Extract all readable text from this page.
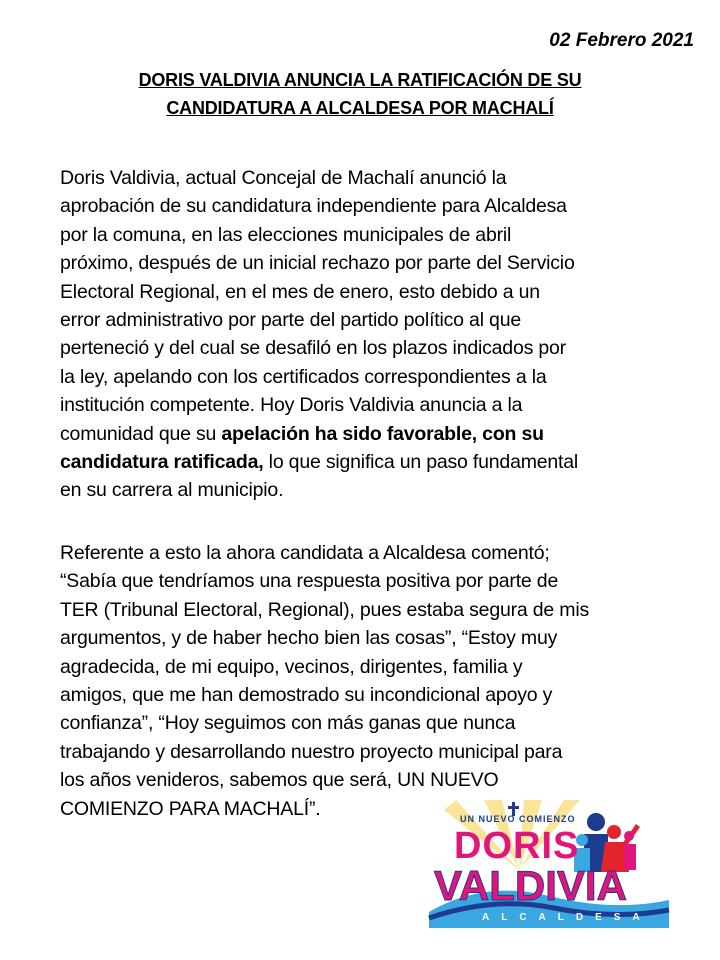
02 Febrero 2021
DORIS VALDIVIA ANUNCIA LA RATIFICACIÓN DE SU
CANDIDATURA A ALCALDESA POR MACHALÍ
Doris Valdivia, actual Concejal de Machalí anunció la
aprobación de su candidatura independiente para Alcaldesa
por la comuna, en las elecciones municipales de abril
próximo, después de un inicial rechazo por parte del Servicio
Electoral Regional, en el mes de enero, esto debido a un
error administrativo por parte del partido político al que
perteneció y del cual se desafiló en los plazos indicados por
la ley, apelando con los certificados correspondientes a la
institución competente. Hoy Doris Valdivia anuncia a la
comunidad que su apelación ha sido favorable, con su
candidatura ratificada, lo que significa un paso fundamental
en su carrera al municipio.
Referente a esto la ahora candidata a Alcaldesa comentó;
“Sabía que tendríamos una respuesta positiva por parte de
TER (Tribunal Electoral, Regional), pues estaba segura de mis
argumentos, y de haber hecho bien las cosas”, “Estoy muy
agradecida, de mi equipo, vecinos, dirigentes, familia y
amigos, que me han demostrado su incondicional apoyo y
confianza”, “Hoy seguimos con más ganas que nunca
trabajando y desarrollando nuestro proyecto municipal para
los años venideros, sabemos que será, UN NUEVO
COMIENZO PARA MACHALÍ”.	UN NUEVO COMIENZO
DORIS
VALDIVIA
ALCALDESA
